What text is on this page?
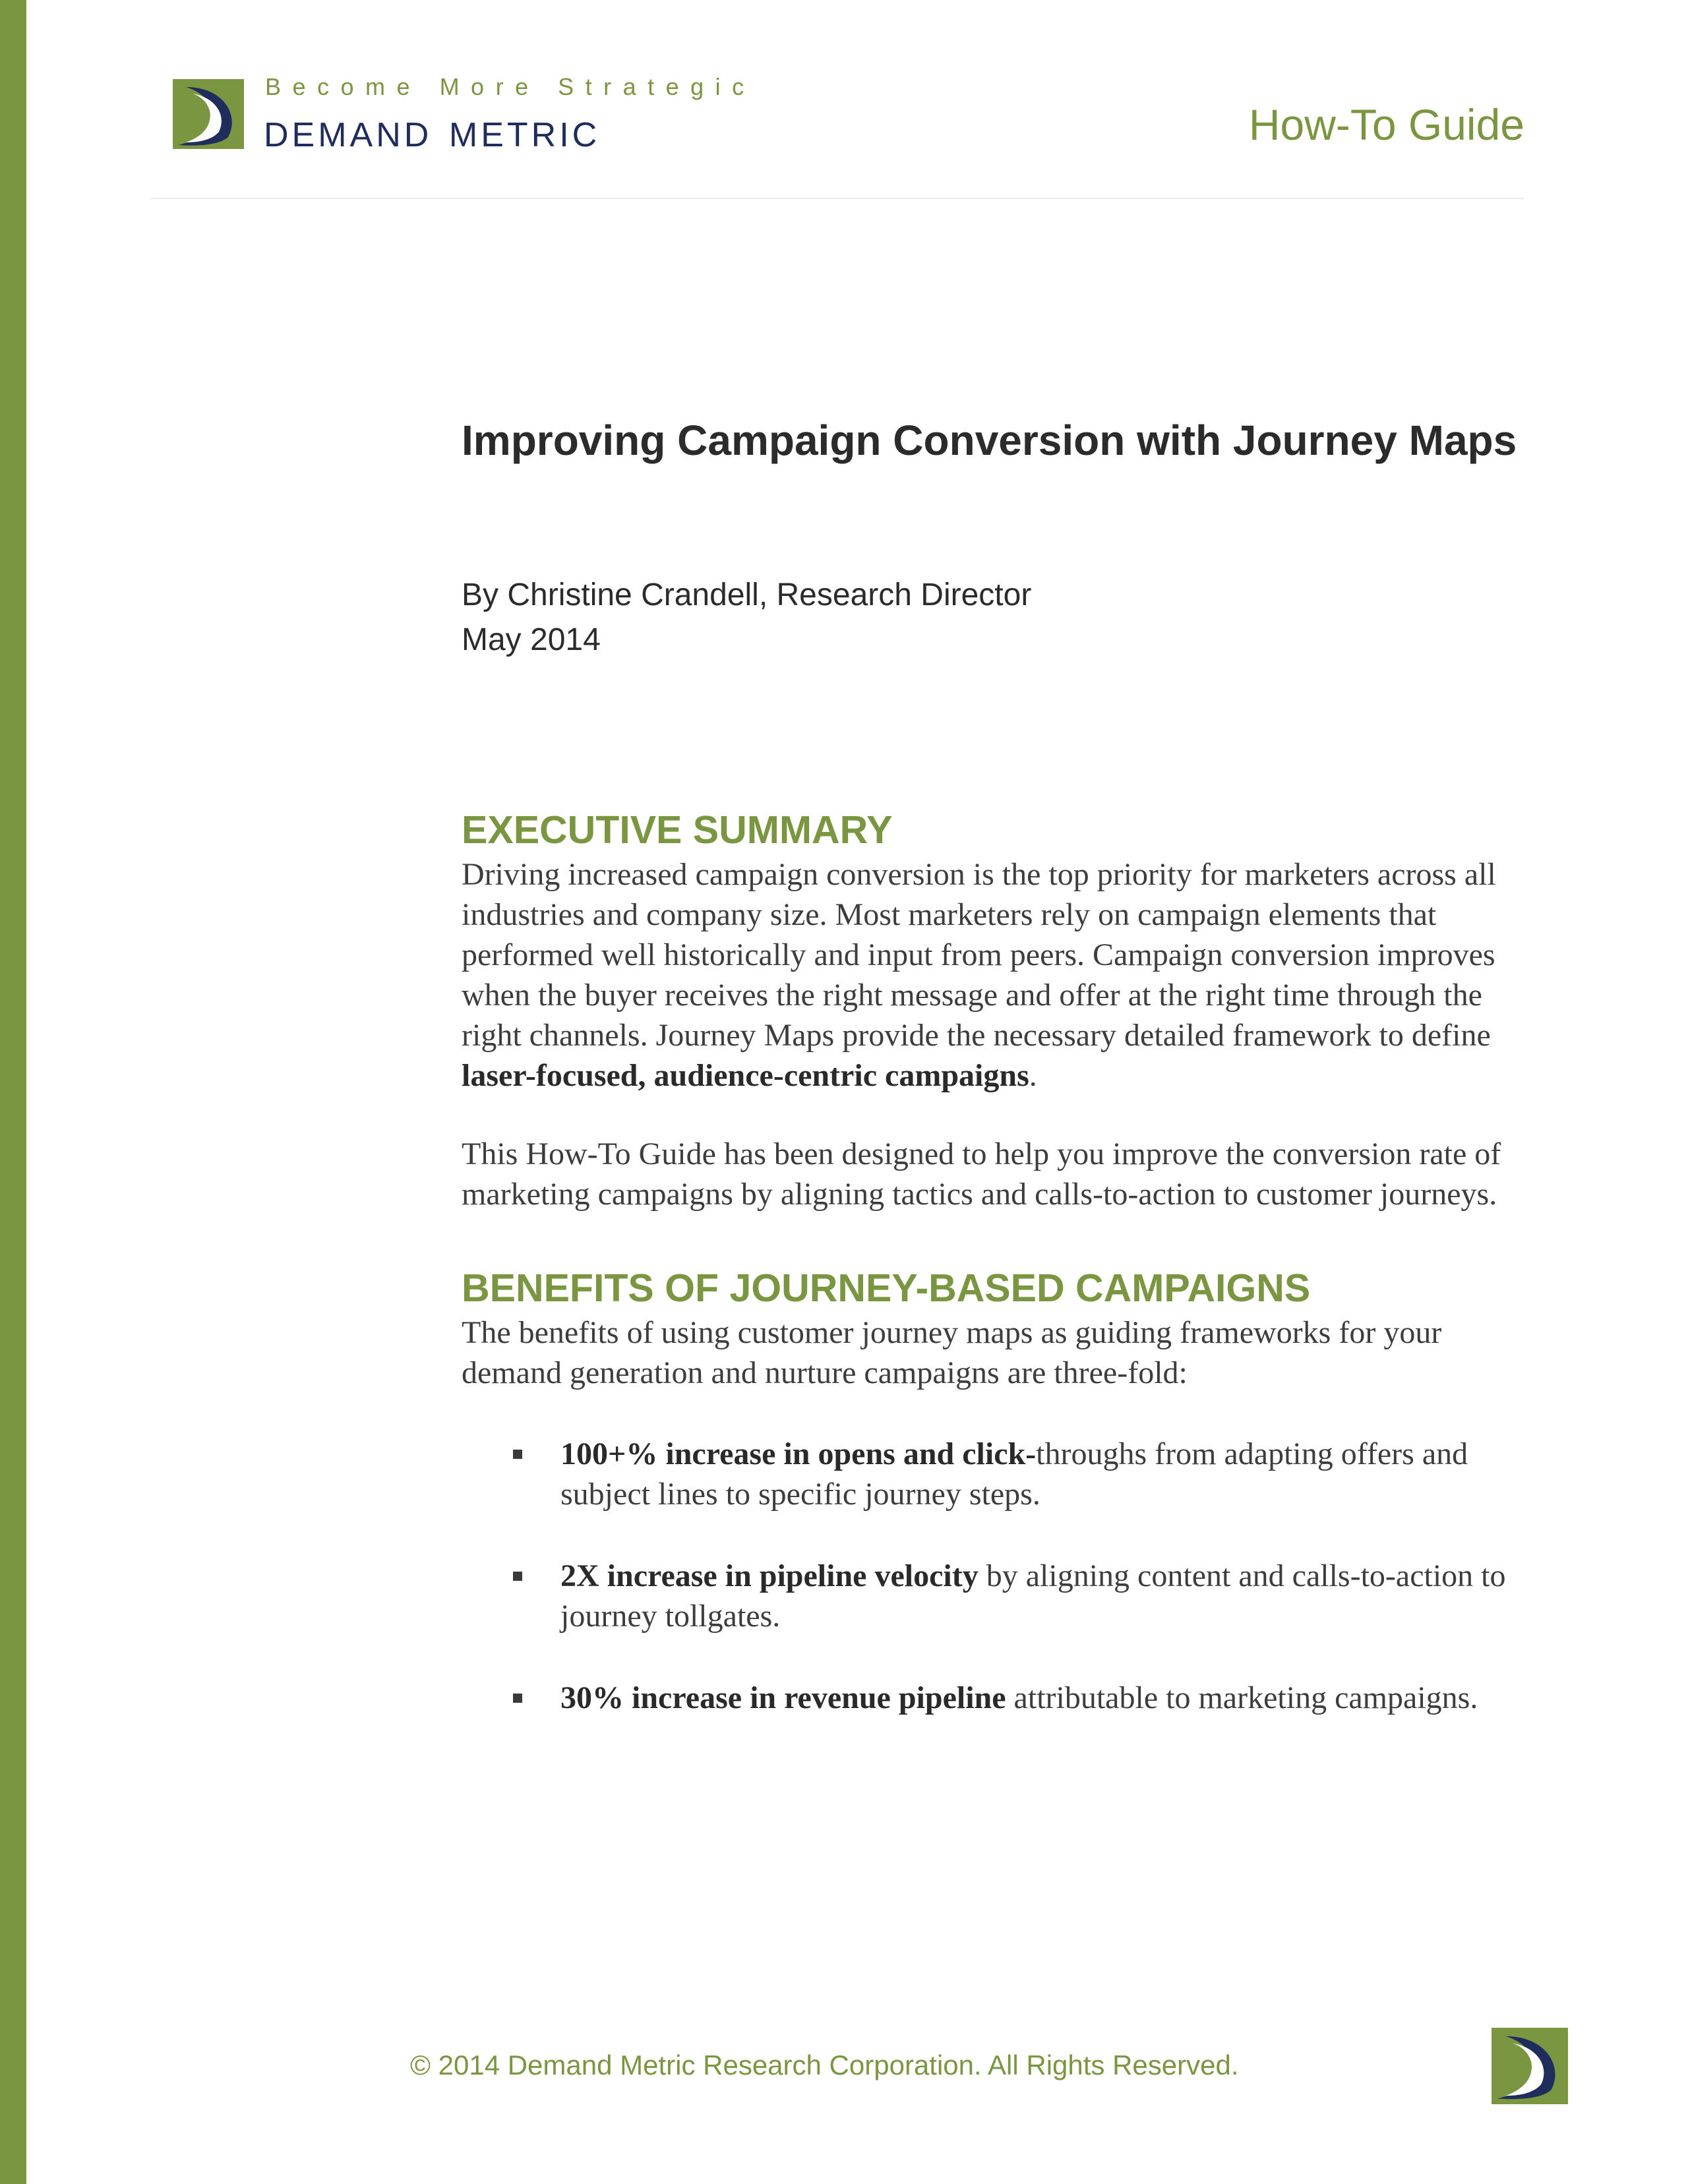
Become More Strategic
demand metric	How-To Guide
Improving Campaign Conversion with Journey Maps
By Christine Crandell, Research Director
May 2014
EXECUTIVE SUMMARY

Driving increased campaign conversion is the top priority for marketers across all industries and company size. Most marketers rely on campaign elements that performed well historically and input from peers. Campaign conversion improves when the buyer receives the right message and offer at the right time through the right channels. Journey Maps provide the necessary detailed framework to define laser-focused, audience-centric campaigns.

This How-To Guide has been designed to help you improve the conversion rate of marketing campaigns by aligning tactics and calls-to-action to customer journeys.

BENEFITS OF JOURNEY-BASED CAMPAIGNS

The benefits of using customer journey maps as guiding frameworks for your demand generation and nurture campaigns are three-fold:

100+% increase in opens and click-throughs from adapting offers and subject lines to specific journey steps.
2X increase in pipeline velocity by aligning content and calls-to-action to journey tollgates.
30% increase in revenue pipeline attributable to marketing campaigns.
© 2014 Demand Metric Research Corporation. All Rights Reserved.
